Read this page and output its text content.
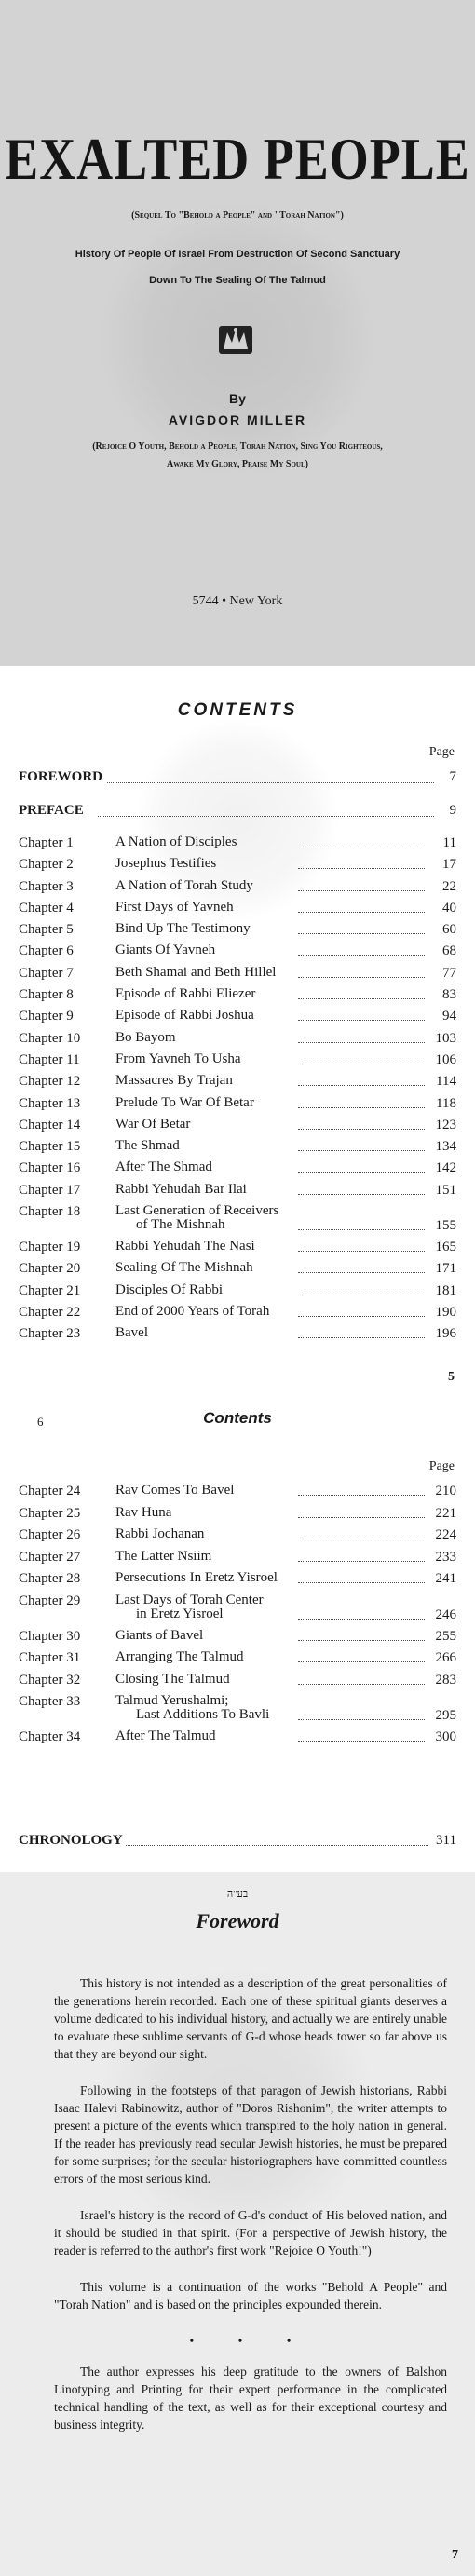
EXALTED PEOPLE
(Sequel To "Behold a People" and "Torah Nation")
History Of People Of Israel From Destruction Of Second Sanctuary
Down To The Sealing Of The Talmud
By
AVIGDOR MILLER
(Rejoice O Youth, Behold a People, Torah Nation, Sing You Righteous,
Awake My Glory, Praise My Soul)
5744 • New York
CONTENTS
Page
FOREWORD	7
PREFACE	9
Chapter 1	A Nation of Disciples	11
Chapter 2	Josephus Testifies	17
Chapter 3	A Nation of Torah Study	22
Chapter 4	First Days of Yavneh	40
Chapter 5	Bind Up The Testimony	60
Chapter 6	Giants Of Yavneh	68
Chapter 7	Beth Shamai and Beth Hillel	77
Chapter 8	Episode of Rabbi Eliezer	83
Chapter 9	Episode of Rabbi Joshua	94
Chapter 10	Bo Bayom	103
Chapter 11	From Yavneh To Usha	106
Chapter 12	Massacres By Trajan	114
Chapter 13	Prelude To War Of Betar	118
Chapter 14	War Of Betar	123
Chapter 15	The Shmad	134
Chapter 16	After The Shmad	142
Chapter 17	Rabbi Yehudah Bar Ilai	151
Chapter 18	Last Generation of Receivers
of The Mishnah	155
Chapter 19	Rabbi Yehudah The Nasi	165
Chapter 20	Sealing Of The Mishnah	171
Chapter 21	Disciples Of Rabbi	181
Chapter 22	End of 2000 Years of Torah	190
Chapter 23	Bavel	196
5
6	Contents
Page
Chapter 24	Rav Comes To Bavel	210
Chapter 25	Rav Huna	221
Chapter 26	Rabbi Jochanan	224
Chapter 27	The Latter Nsiim	233
Chapter 28	Persecutions In Eretz Yisroel	241
Chapter 29	Last Days of Torah Center
in Eretz Yisroel	246
Chapter 30	Giants of Bavel	255
Chapter 31	Arranging The Talmud	266
Chapter 32	Closing The Talmud	283
Chapter 33	Talmud Yerushalmi;
Last Additions To Bavli	295
Chapter 34	After The Talmud	300
CHRONOLOGY	311
בע"ה
Foreword

This history is not intended as a description of the great personalities of the generations herein recorded. Each one of these spiritual giants deserves a volume dedicated to his individual history, and actually we are entirely unable to evaluate these sublime servants of G-d whose heads tower so far above us that they are beyond our sight.

Following in the footsteps of that paragon of Jewish historians, Rabbi Isaac Halevi Rabinowitz, author of "Doros Rishonim", the writer attempts to present a picture of the events which transpired to the holy nation in general. If the reader has previously read secular Jewish histories, he must be prepared for some surprises; for the secular historiographers have committed countless errors of the most serious kind.

Israel's history is the record of G-d's conduct of His beloved nation, and it should be studied in that spirit. (For a perspective of Jewish history, the reader is referred to the author's first work "Rejoice O Youth!")

This volume is a continuation of the works "Behold A People" and "Torah Nation" and is based on the principles expounded therein.

• • •

The author expresses his deep gratitude to the owners of Balshon Linotyping and Printing for their expert performance in the complicated technical handling of the text, as well as for their exceptional courtesy and business integrity.

7
